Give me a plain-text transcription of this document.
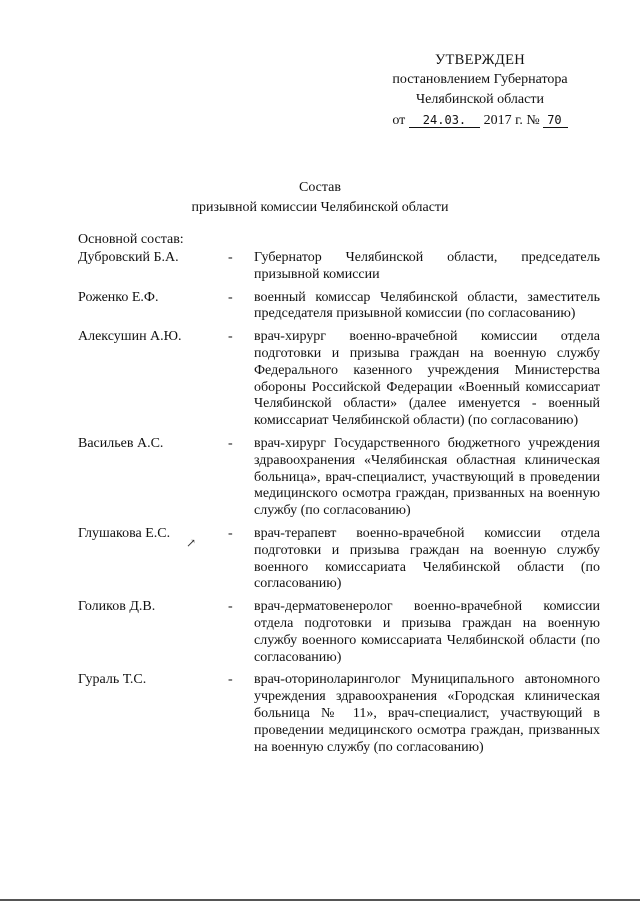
УТВЕРЖДЕН
постановлением Губернатора
Челябинской области
от 24.03. 2017 г. № 70
Состав
призывной комиссии Челябинской области
Основной состав:
Дубровский Б.А.	-	Губернатор Челябинской области, председатель призывной комиссии
Роженко Е.Ф.	-	военный комиссар Челябинской области, заместитель председателя призывной комиссии (по согласованию)
Алексушин А.Ю.	-	врач-хирург военно-врачебной комиссии отдела подготовки и призыва граждан на военную службу Федерального казенного учреждения Министерства обороны Российской Федерации «Военный комиссариат Челябинской области» (далее именуется - военный комиссариат Челябинской области) (по согласованию)
Васильев А.С.	-	врач-хирург Государственного бюджетного учреждения здравоохранения «Челябинская областная клиническая больница», врач-специалист, участвующий в проведении медицинского осмотра граждан, призванных на военную службу (по согласованию)
Глушакова Е.С.	-	врач-терапевт военно-врачебной комиссии отдела подготовки и призыва граждан на военную службу военного комиссариата Челябинской области (по согласованию)
Голиков Д.В.	-	врач-дерматовенеролог военно-врачебной комиссии отдела подготовки и призыва граждан на военную службу военного комиссариата Челябинской области (по согласованию)
Гураль Т.С.	-	врач-оториноларинголог Муниципального автономного учреждения здравоохранения «Городская клиническая больница № 11», врач-специалист, участвующий в проведении медицинского осмотра граждан, призванных на военную службу (по согласованию)
↗
